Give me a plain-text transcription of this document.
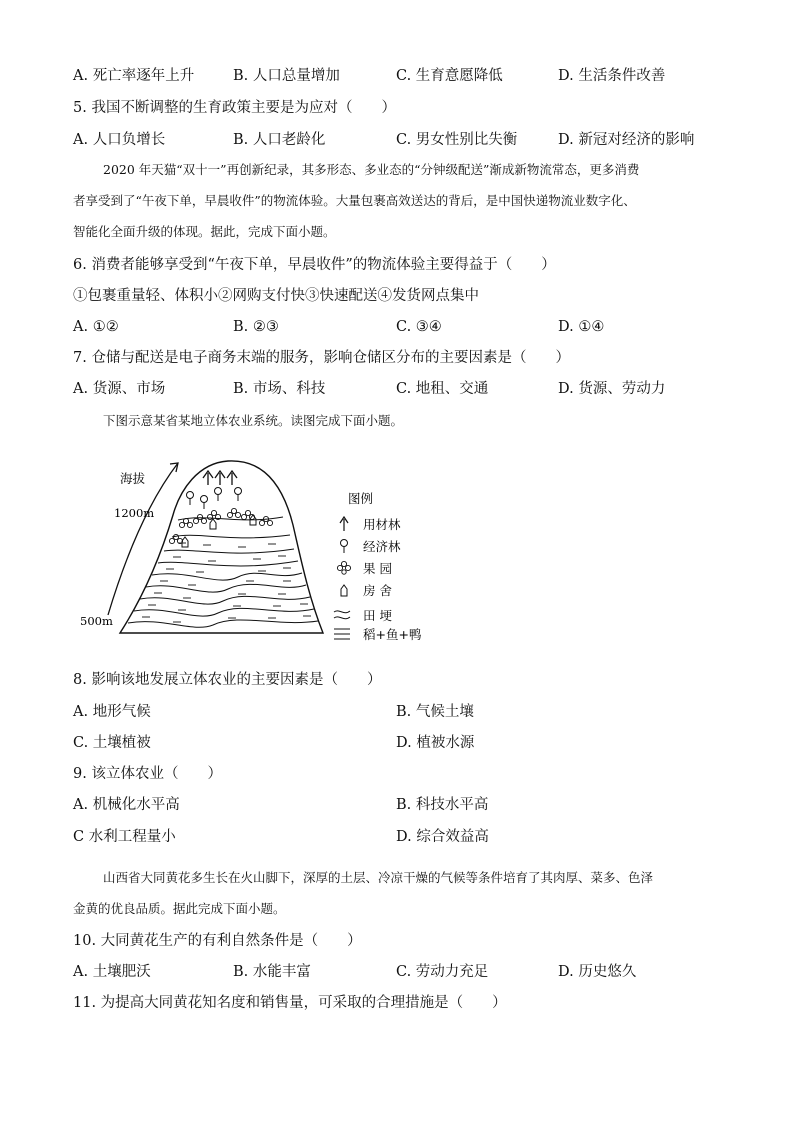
A. 死亡率逐年上升	B. 人口总量增加	C. 生育意愿降低	D. 生活条件改善
5. 我国不断调整的生育政策主要是为应对（　　）
A. 人口负增长	B. 人口老龄化	C. 男女性别比失衡	D. 新冠对经济的影响
2020 年天猫“双十一”再创新纪录，其多形态、多业态的“分钟级配送”渐成新物流常态，更多消费
者享受到了“午夜下单，早晨收件”的物流体验。大量包裹高效送达的背后，是中国快递物流业数字化、
智能化全面升级的体现。据此，完成下面小题。
6. 消费者能够享受到“午夜下单，早晨收件”的物流体验主要得益于（　　）
①包裹重量轻、体积小②网购支付快③快速配送④发货网点集中
A. ①②	B. ②③	C. ③④	D. ①④
7. 仓储与配送是电子商务末端的服务，影响仓储区分布的主要因素是（　　）
A. 货源、市场	B. 市场、科技	C. 地租、交通	D. 货源、劳动力
下图示意某省某地立体农业系统。读图完成下面小题。
海拔
1200m
500m
图例
用材林
经济林
果 园
房 舍
田 埂
稻+鱼+鸭
8. 影响该地发展立体农业的主要因素是（　　）
A. 地形气候	B. 气候土壤
C. 土壤植被	D. 植被水源
9. 该立体农业（　　）
A. 机械化水平高	B. 科技水平高
C 水利工程量小	D. 综合效益高
山西省大同黄花多生长在火山脚下，深厚的土层、冷凉干燥的气候等条件培育了其肉厚、菜多、色泽
金黄的优良品质。据此完成下面小题。
10. 大同黄花生产的有利自然条件是（　　）
A. 土壤肥沃	B. 水能丰富	C. 劳动力充足	D. 历史悠久
11. 为提高大同黄花知名度和销售量，可采取的合理措施是（　　）
